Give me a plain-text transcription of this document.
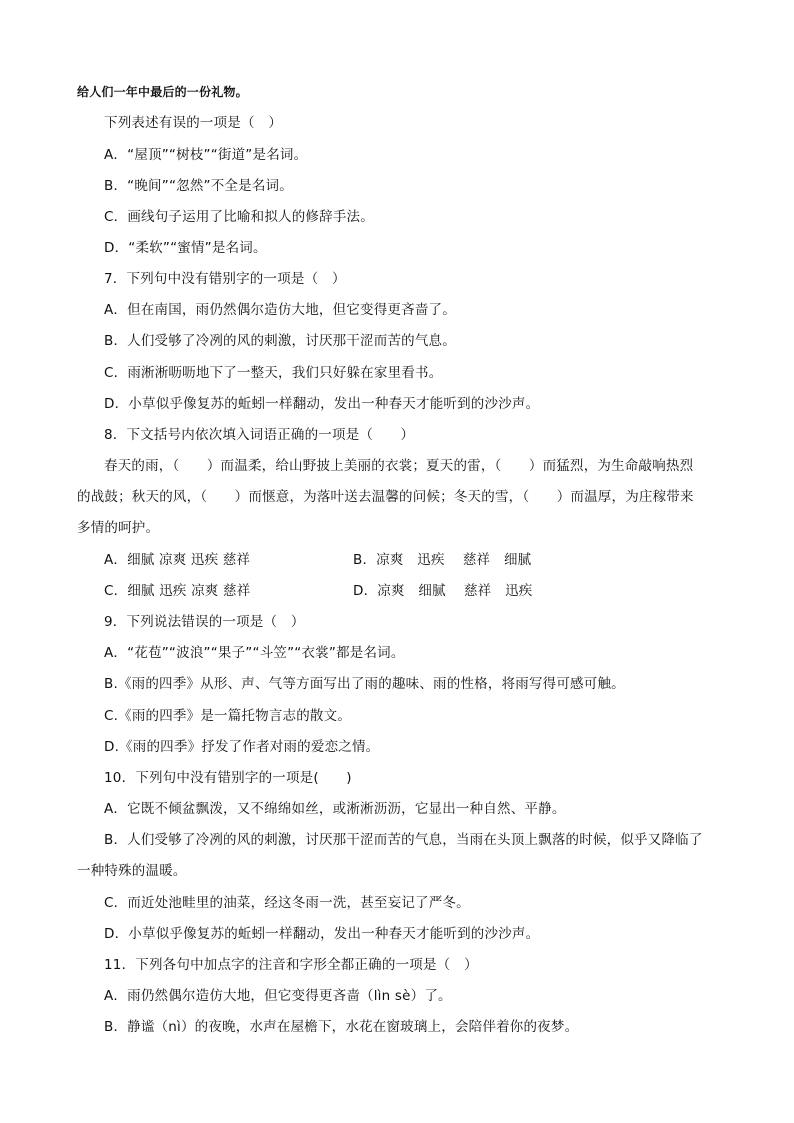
给人们一年中最后的一份礼物。
下列表述有误的一项是（　）
A．“屋顶”“树枝”“街道”是名词。
B．“晚间”“忽然”不全是名词。
C．画线句子运用了比喻和拟人的修辞手法。
D．“柔软”“蜜情”是名词。
7．下列句中没有错别字的一项是（　）
A．但在南国，雨仍然偶尔造仿大地，但它变得更吝啬了。
B．人们受够了冷冽的风的刺激，讨厌那干涩而苦的气息。
C．雨淅淅呖呖地下了一整天，我们只好躲在家里看书。
D．小草似乎像复苏的蚯蚓一样翻动，发出一种春天才能听到的沙沙声。
8．下文括号内依次填入词语正确的一项是（　　）
春天的雨，（　　）而温柔，给山野披上美丽的衣裳；夏天的雷，（　　）而猛烈，为生命敲响热烈
的战鼓；秋天的风，（　　）而惬意，为落叶送去温馨的问候；冬天的雪，（　　）而温厚，为庄稼带来
多情的呵护。
A．细腻 凉爽 迅疾 慈祥	B．凉爽　迅疾　 慈祥　细腻
C．细腻 迅疾 凉爽 慈祥	D．凉爽　细腻　 慈祥　迅疾
9．下列说法错误的一项是（　）
A．“花苞”“波浪”“果子”“斗笠”“衣裳”都是名词。
B.《雨的四季》从形、声、气等方面写出了雨的趣味、雨的性格，将雨写得可感可触。
C.《雨的四季》是一篇托物言志的散文。
D.《雨的四季》抒发了作者对雨的爱恋之情。
10．下列句中没有错别字的一项是(　　)
A．它既不倾盆飘泼，又不绵绵如丝，或淅淅沥沥，它显出一种自然、平静。
B．人们受够了冷冽的风的刺激，讨厌那干涩而苦的气息，当雨在头顶上飘落的时候，似乎又降临了
一种特殊的温暖。
C．而近处池畦里的油菜，经这冬雨一洗，甚至妄记了严冬。
D．小草似乎像复苏的蚯蚓一样翻动，发出一种春天才能听到的沙沙声。
11．下列各句中加点字的注音和字形全都正确的一项是（　）
A．雨仍然偶尔造仿大地，但它变得更吝啬（lìn sè）了。
B．静谧（nì）的夜晚，水声在屋檐下，水花在窗玻璃上，会陪伴着你的夜梦。
